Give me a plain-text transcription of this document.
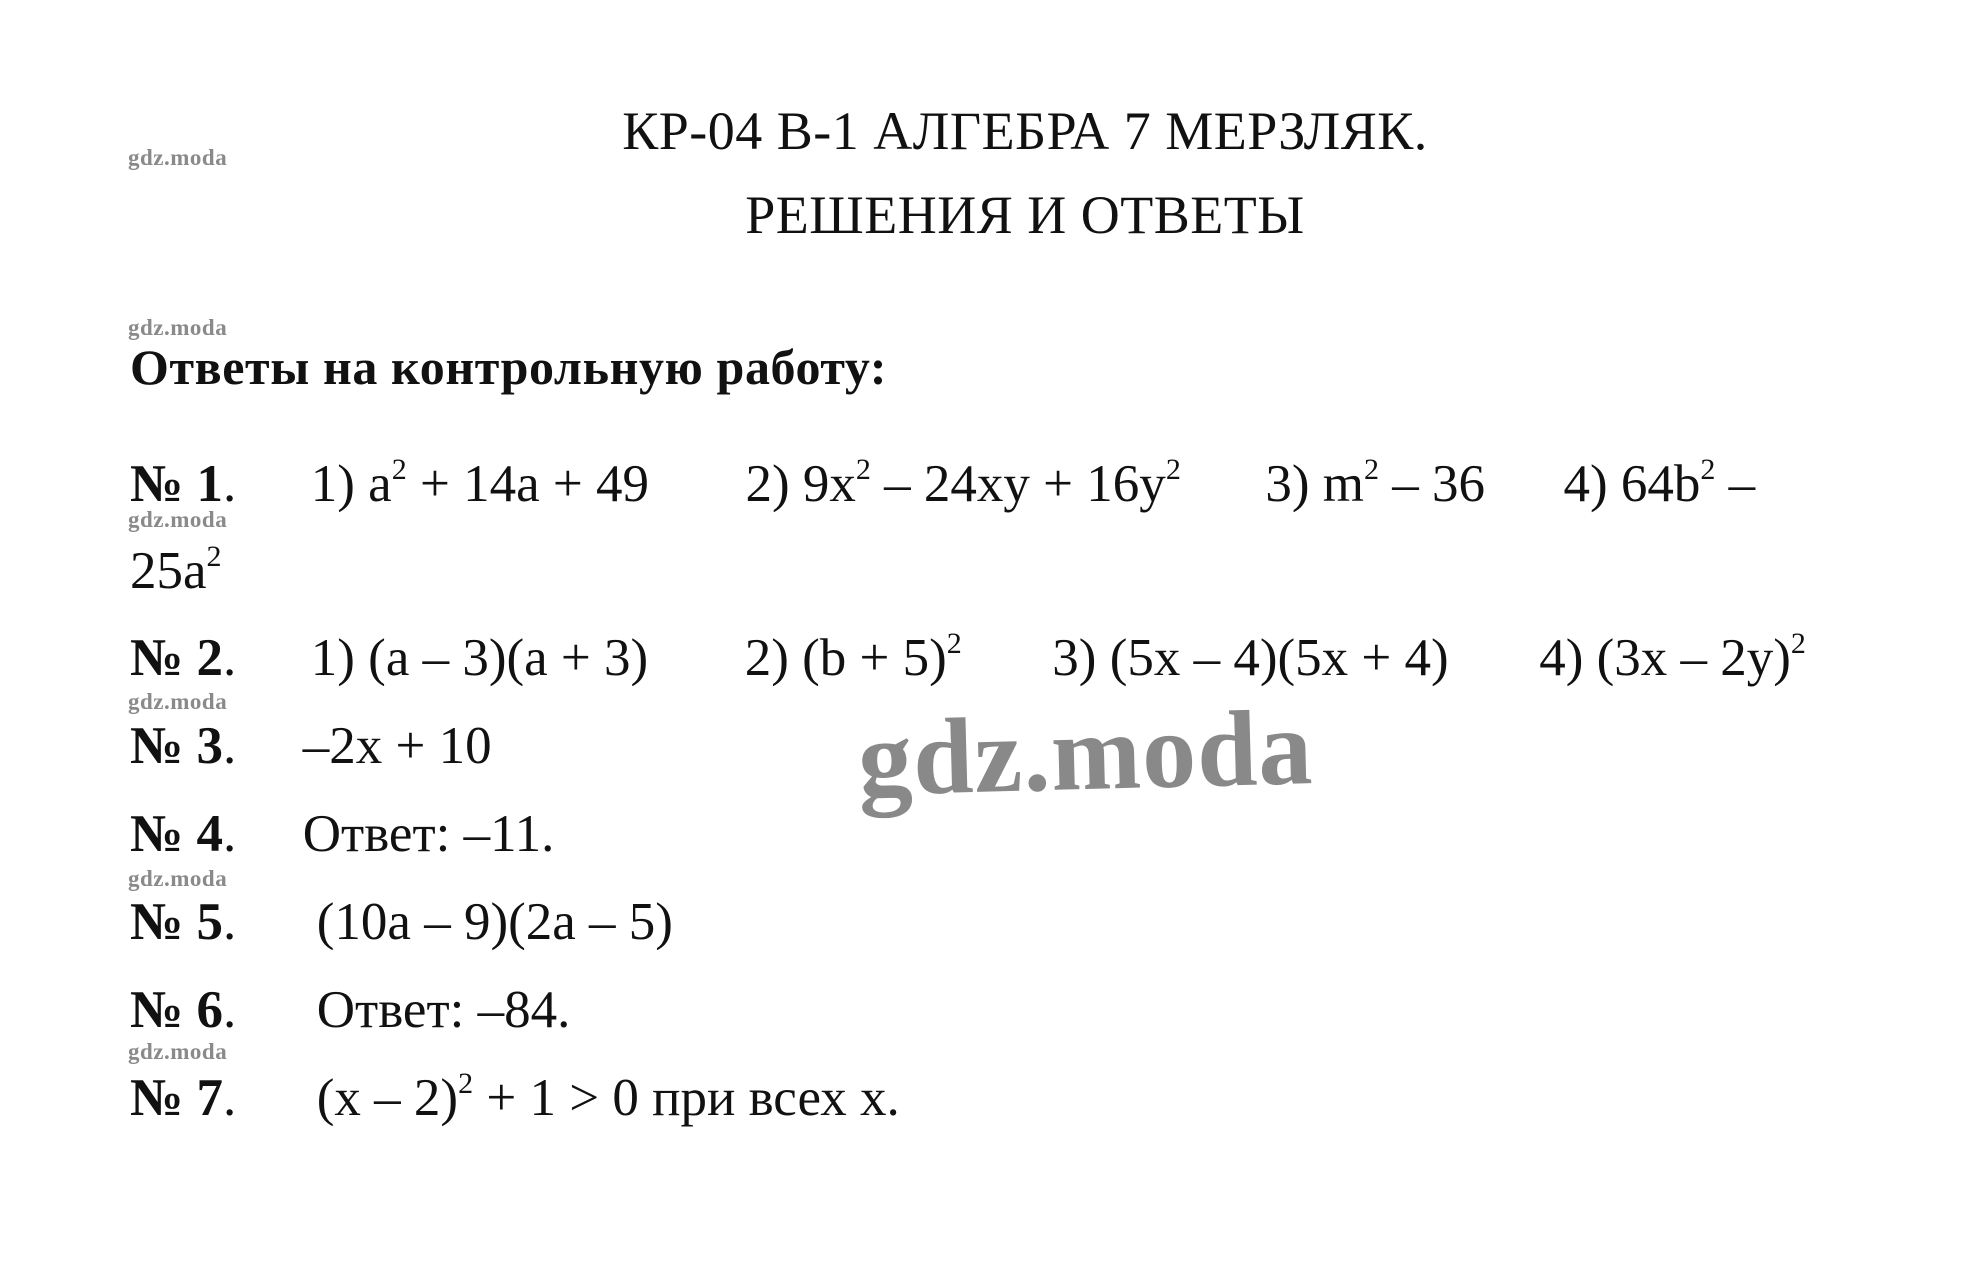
КР-04 В-1 АЛГЕБРА 7 МЕРЗЛЯК.
РЕШЕНИЯ И ОТВЕТЫ
gdz.moda
gdz.moda
gdz.moda
gdz.moda
gdz.moda
gdz.moda
Ответы на контрольную работу:
№ 1. 1) $a^2 + 14a + 49$ 2) $9x^2 - 24xy + 16y^2$ 3) $m^2 - 36$ 4) $64b^2$ –
$25a^2$
№ 2. 1) (a – 3)(a + 3) 2) $(b + 5)^2$ 3) (5x – 4)(5x + 4) 4) (3x – 2y)$^2$
№ 3. –2x + 10
№ 4. Ответ: –11.
№ 5. (10a – 9)(2a – 5)
№ 6. Ответ: –84.
№ 7. (x – 2)$^2$ + 1 > 0 при всех x.
gdz.moda
